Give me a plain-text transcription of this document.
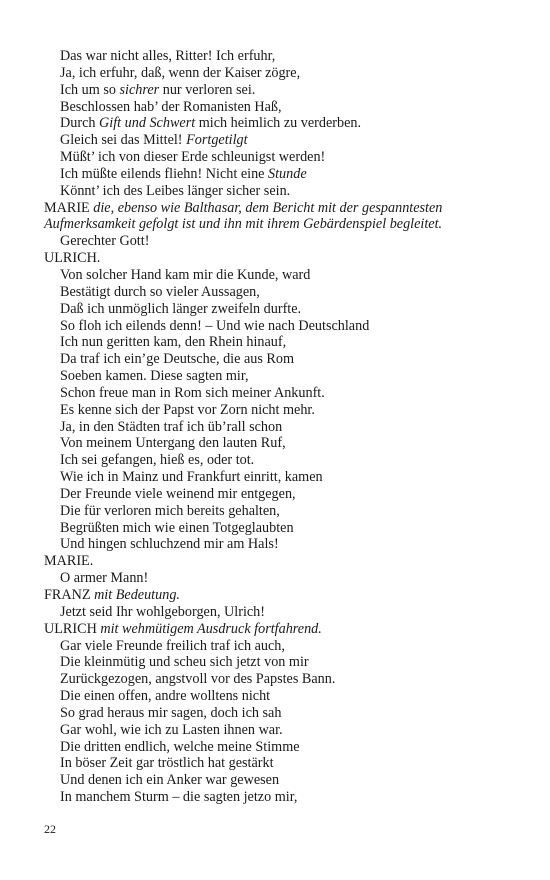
Das war nicht alles, Ritter! Ich erfuhr,
Ja, ich erfuhr, daß, wenn der Kaiser zögre,
Ich um so sichrer nur verloren sei.
Beschlossen hab’ der Romanisten Haß,
Durch Gift und Schwert mich heimlich zu verderben.
Gleich sei das Mittel! Fortgetilgt
Müßt’ ich von dieser Erde schleunigst werden!
Ich müßte eilends fliehn! Nicht eine Stunde
Könnt’ ich des Leibes länger sicher sein.
MARIE die, ebenso wie Balthasar, dem Bericht mit der gespanntesten
Aufmerksamkeit gefolgt ist und ihn mit ihrem Gebärdenspiel begleitet.
Gerechter Gott!
ULRICH.
Von solcher Hand kam mir die Kunde, ward
Bestätigt durch so vieler Aussagen,
Daß ich unmöglich länger zweifeln durfte.
So floh ich eilends denn! – Und wie nach Deutschland
Ich nun geritten kam, den Rhein hinauf,
Da traf ich ein’ge Deutsche, die aus Rom
Soeben kamen. Diese sagten mir,
Schon freue man in Rom sich meiner Ankunft.
Es kenne sich der Papst vor Zorn nicht mehr.
Ja, in den Städten traf ich üb’rall schon
Von meinem Untergang den lauten Ruf,
Ich sei gefangen, hieß es, oder tot.
Wie ich in Mainz und Frankfurt einritt, kamen
Der Freunde viele weinend mir entgegen,
Die für verloren mich bereits gehalten,
Begrüßten mich wie einen Totgeglaubten
Und hingen schluchzend mir am Hals!
MARIE.
O armer Mann!
FRANZ mit Bedeutung.
Jetzt seid Ihr wohlgeborgen, Ulrich!
ULRICH mit wehmütigem Ausdruck fortfahrend.
Gar viele Freunde freilich traf ich auch,
Die kleinmütig und scheu sich jetzt von mir
Zurückgezogen, angstvoll vor des Papstes Bann.
Die einen offen, andre wolltens nicht
So grad heraus mir sagen, doch ich sah
Gar wohl, wie ich zu Lasten ihnen war.
Die dritten endlich, welche meine Stimme
In böser Zeit gar tröstlich hat gestärkt
Und denen ich ein Anker war gewesen
In manchem Sturm – die sagten jetzo mir,
22
